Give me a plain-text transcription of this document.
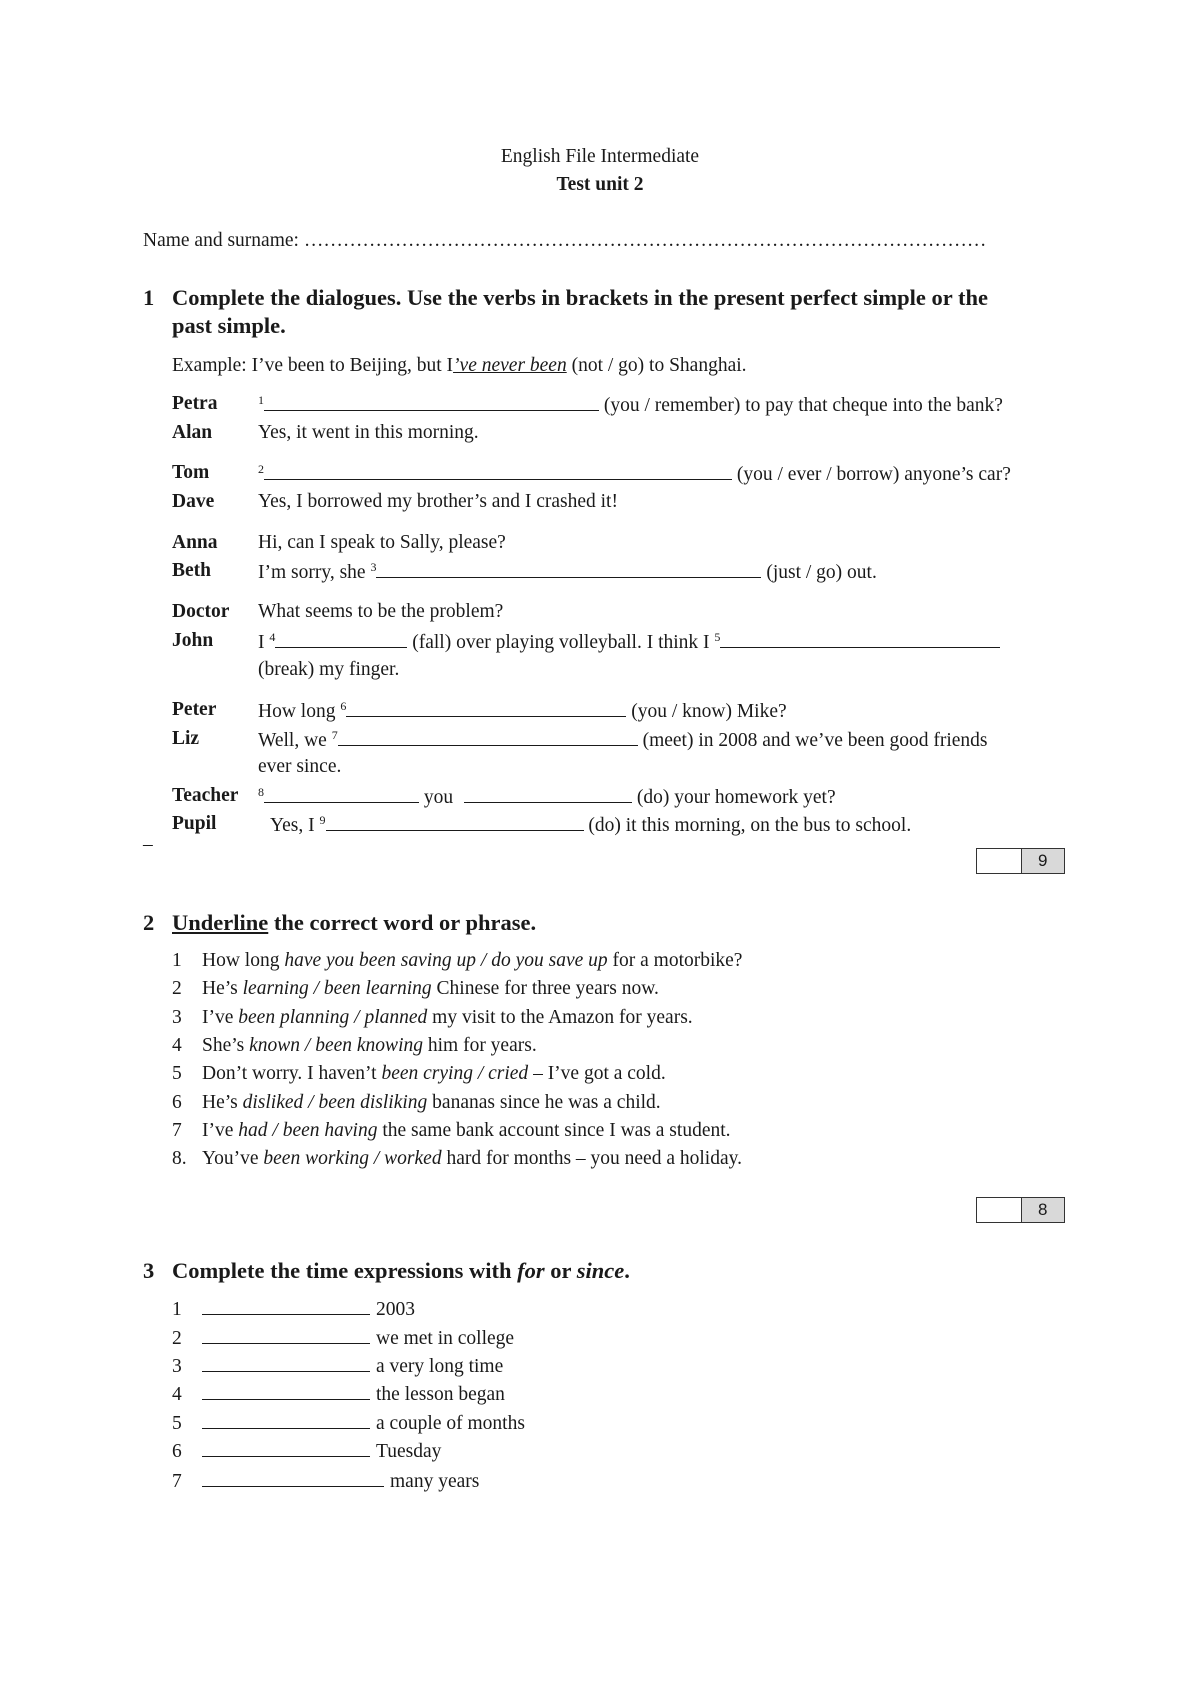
English File Intermediate
Test unit 2
Name and surname: ……………………………………………………………………………………………
1 Complete the dialogues. Use the verbs in brackets in the present perfect simple or the
past simple.
Example: I’ve been to Beijing, but I’ve never been (not / go) to Shanghai.
Petra	$^1$	(you / remember) to pay that cheque into the bank?
Alan Yes, it went in this morning.
Tom	$^2$	(you / ever / borrow) anyone’s car?
Dave Yes, I borrowed my brother’s and I crashed it!
Anna Hi, can I speak to Sally, please?
Beth I’m sorry, she $^3$	(just / go) out.
Doctor What seems to be the problem?
John I $^4$	(fall) over playing volleyball. I think I $^5$
(break) my finger.
Peter How long $^6$	(you / know) Mike?
Liz	Well, we $^7$	(meet) in 2008 and we’ve been good friends
ever since.
Teacher $^8$	you	(do) your homework yet?
Pupil	Yes, I $^9$	(do) it this morning, on the bus to school.
–
9
2 Underline the correct word or phrase.
1 How long have you been saving up / do you save up for a motorbike?
2 He’s learning / been learning Chinese for three years now.
3 I’ve been planning / planned my visit to the Amazon for years.
4 She’s known / been knowing him for years.
5 Don’t worry. I haven’t been crying / cried – I’ve got a cold.
6 He’s disliked / been disliking bananas since he was a child.
7 I’ve had / been having the same bank account since I was a student.
8. You’ve been working / worked hard for months – you need a holiday.
8
3 Complete the time expressions with for or since.
1	2003
2	we met in college
3	a very long time
4	the lesson began
5	a couple of months
6	Tuesday
7	many years
